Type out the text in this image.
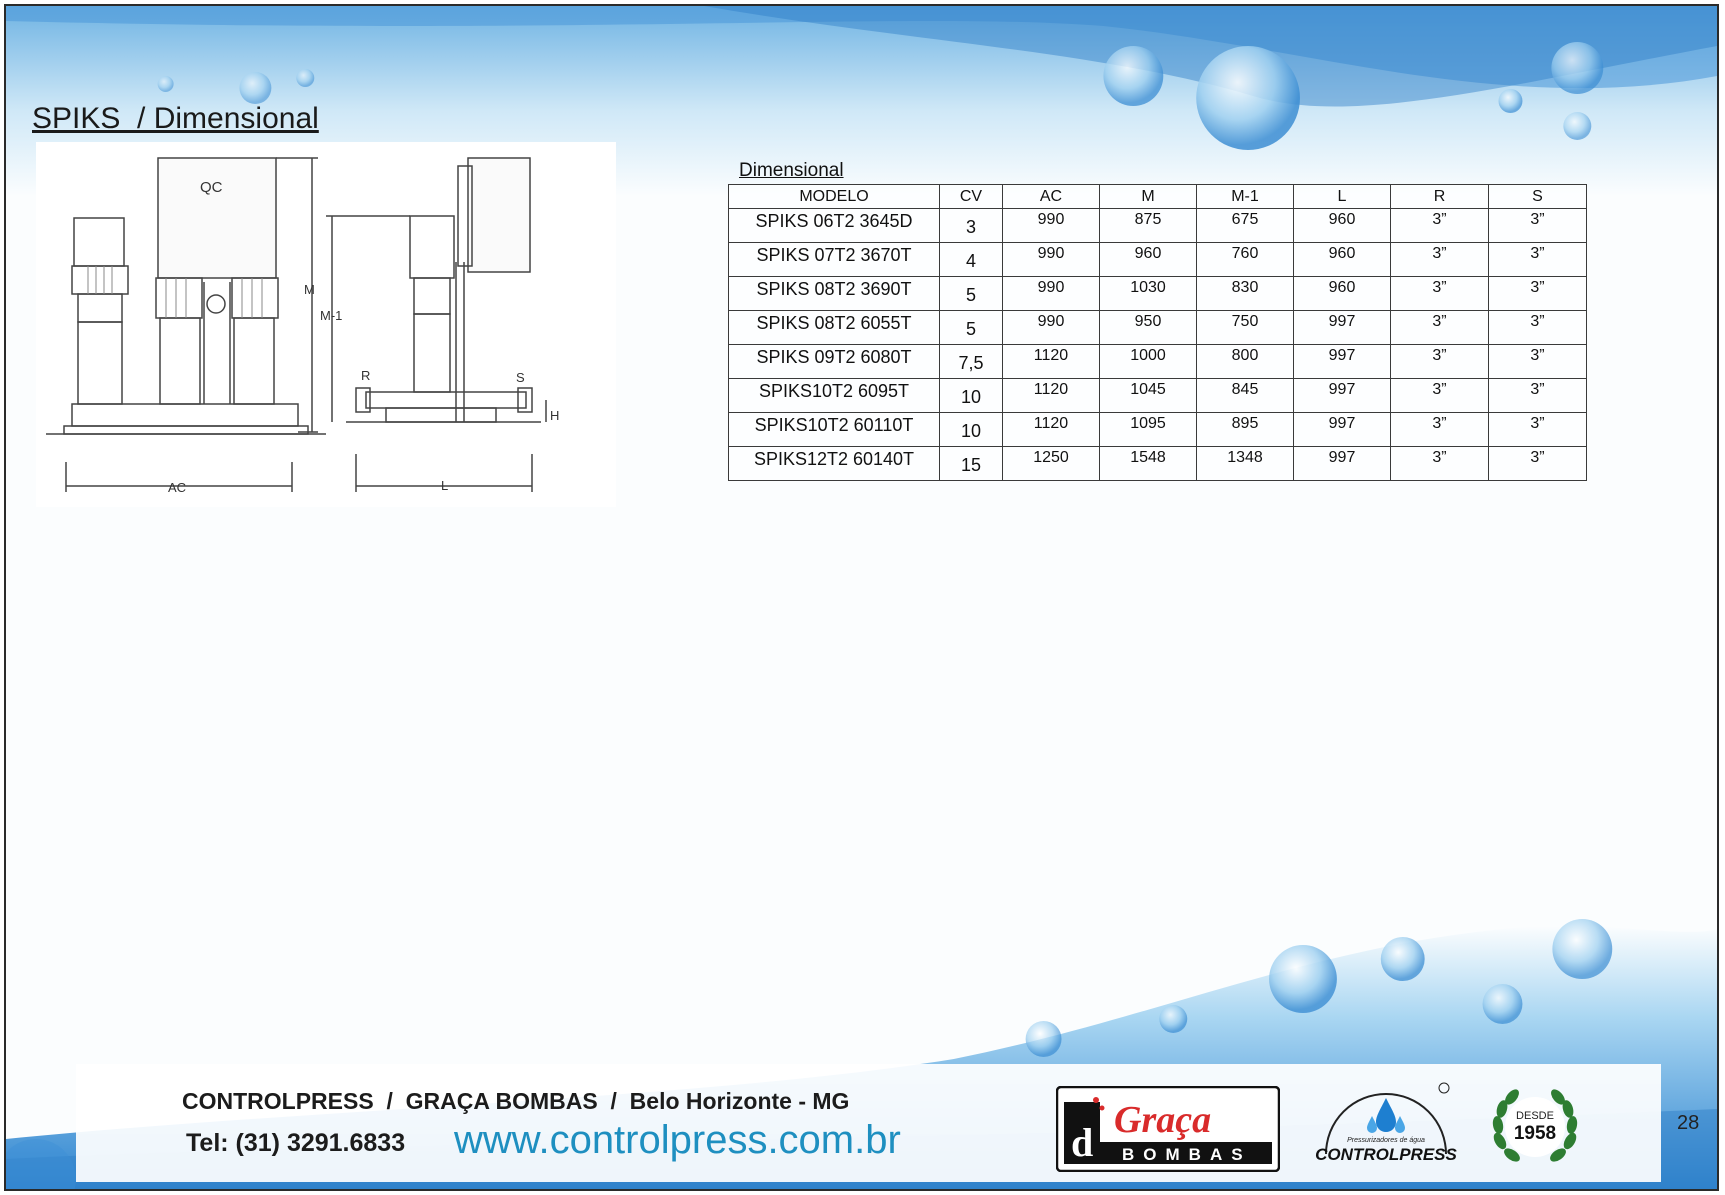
SPIKS  / Dimensional
QC
M
M-1
R	S
H
AC	L
Dimensional
MODELO	CV	AC	M	M-1	L	R	S
SPIKS 06T2 3645D	3	990	875	675	960	3”	3”
SPIKS 07T2 3670T	4	990	960	760	960	3”	3”
SPIKS 08T2 3690T	5	990	1030	830	960	3”	3”
SPIKS 08T2 6055T	5	990	950	750	997	3”	3”
SPIKS 09T2 6080T	7,5	1120	1000	800	997	3”	3”
SPIKS10T2 6095T	10	1120	1045	845	997	3”	3”
SPIKS10T2 60110T	10	1120	1095	895	997	3”	3”
SPIKS12T2 60140T	15	1250	1548	1348	997	3”	3”
CONTROLPRESS  /  GRAÇA BOMBAS  /  Belo Horizonte - MG
Tel: (31) 3291.6833 www.controlpress.com.br	d Graça
BOMBAS
Pressurizadores de água
CONTROLPRESS
DESDE
1958	28
